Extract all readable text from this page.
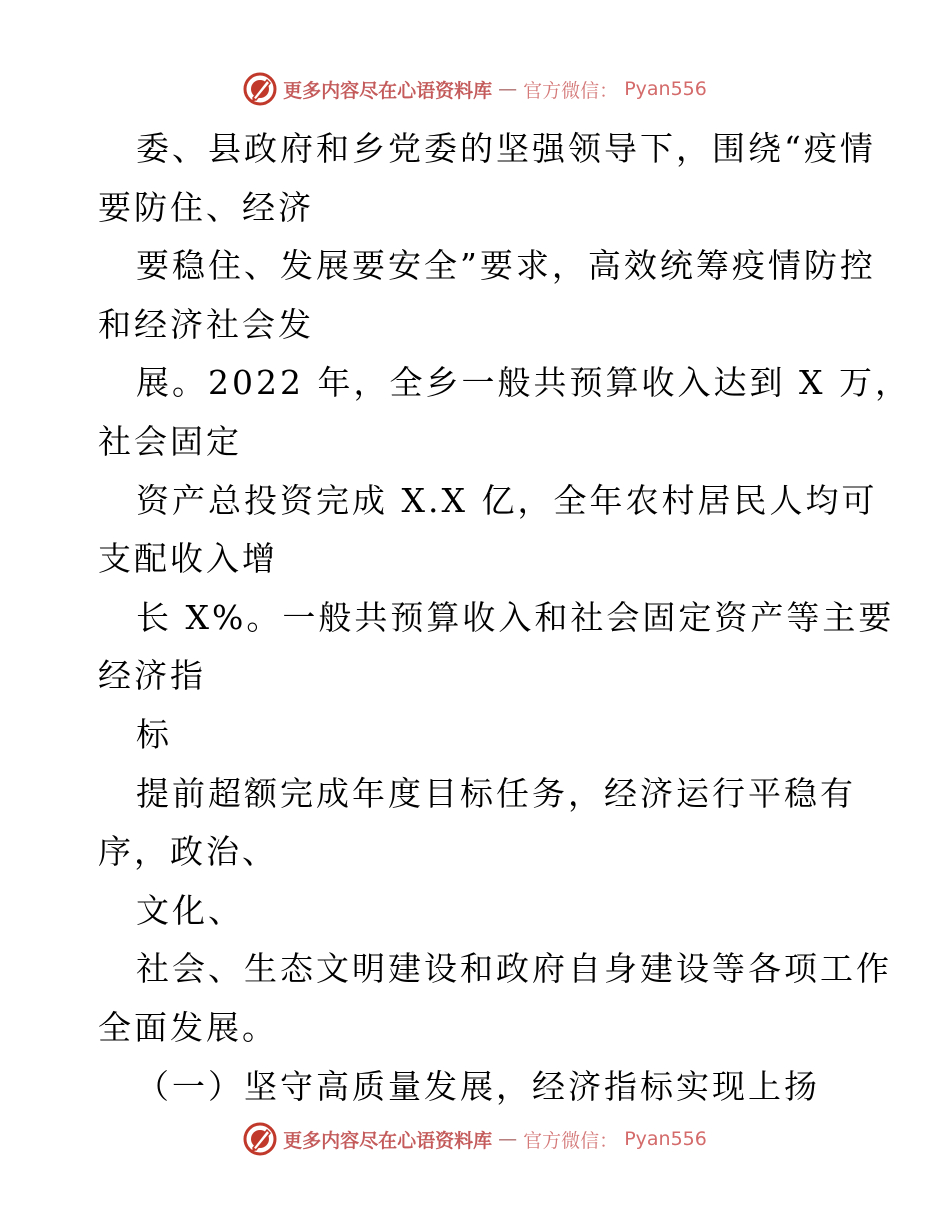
更多内容尽在心语资料库 — 官方微信： Pyan556
委、县政府和乡党委的坚强领导下，围绕“疫情
要防住、经济
要稳住、发展要安全”要求，高效统筹疫情防控
和经济社会发
展。2022 年，全乡一般共预算收入达到 X 万，
社会固定
资产总投资完成 X.X 亿，全年农村居民人均可
支配收入增
长 X%。一般共预算收入和社会固定资产等主要
经济指
标
提前超额完成年度目标任务，经济运行平稳有
序，政治、
文化、
社会、生态文明建设和政府自身建设等各项工作
全面发展。
（一）坚守高质量发展，经济指标实现上扬
更多内容尽在心语资料库 — 官方微信： Pyan556
